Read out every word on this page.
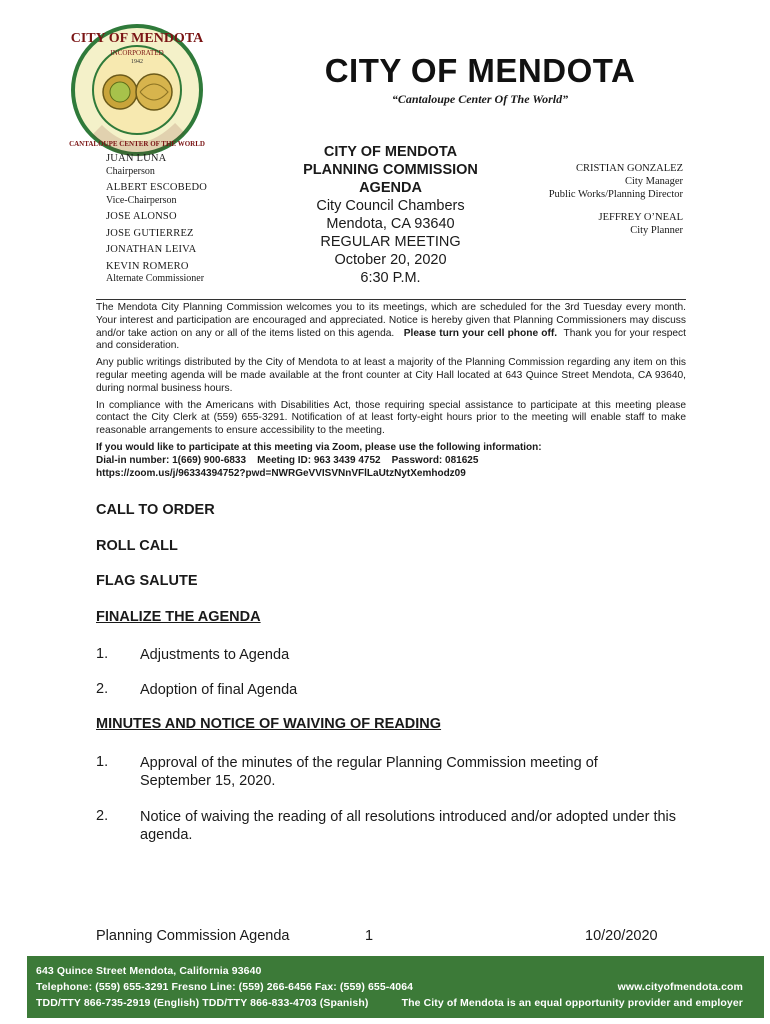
CITY OF MENDOTA
INCORPORATED
1942
CANTALOUPE CENTER OF THE WORLD
CITY OF MENDOTA
“Cantaloupe Center Of The World”
JUAN LUNA
Chairperson
ALBERT ESCOBEDO
Vice-Chairperson
JOSE ALONSO
JOSE GUTIERREZ
JONATHAN LEIVA
KEVIN ROMERO
Alternate Commissioner
CITY OF MENDOTA
PLANNING COMMISSION
AGENDA
City Council Chambers
Mendota, CA 93640
REGULAR MEETING
October 20, 2020
6:30 P.M.
CRISTIAN GONZALEZ
City Manager
Public Works/Planning Director
JEFFREY O’NEAL
City Planner

The Mendota City Planning Commission welcomes you to its meetings, which are scheduled for the 3rd Tuesday every month. Your interest and participation are encouraged and appreciated. Notice is hereby given that Planning Commissioners may discuss and/or take action on any or all of the items listed on this agenda. Please turn your cell phone off. Thank you for your respect and consideration.

Any public writings distributed by the City of Mendota to at least a majority of the Planning Commission regarding any item on this regular meeting agenda will be made available at the front counter at City Hall located at 643 Quince Street Mendota, CA 93640, during normal business hours.

In compliance with the Americans with Disabilities Act, those requiring special assistance to participate at this meeting please contact the City Clerk at (559) 655-3291. Notification of at least forty-eight hours prior to the meeting will enable staff to make reasonable arrangements to ensure accessibility to the meeting.

If you would like to participate at this meeting via Zoom, please use the following information:
Dial-in number: 1(669) 900-6833    Meeting ID: 963 3439 4752    Password: 081625
https://zoom.us/j/96334394752?pwd=NWRGeVVISVNnVFlLaUtzNytXemhodz09
CALL TO ORDER
ROLL CALL
FLAG SALUTE
FINALIZE THE AGENDA
1. Adjustments to Agenda
2. Adoption of final Agenda
MINUTES AND NOTICE OF WAIVING OF READING
1. Approval of the minutes of the regular Planning Commission meeting of September 15, 2020.
2. Notice of waiving the reading of all resolutions introduced and/or adopted under this agenda.
Planning Commission Agenda	1	10/20/2020
643 Quince Street Mendota, California 93640
Telephone: (559) 655-3291 Fresno Line: (559) 266-6456 Fax: (559) 655-4064
TDD/TTY 866-735-2919 (English) TDD/TTY 866-833-4703 (Spanish)
www.cityofmendota.com
The City of Mendota is an equal opportunity provider and employer
